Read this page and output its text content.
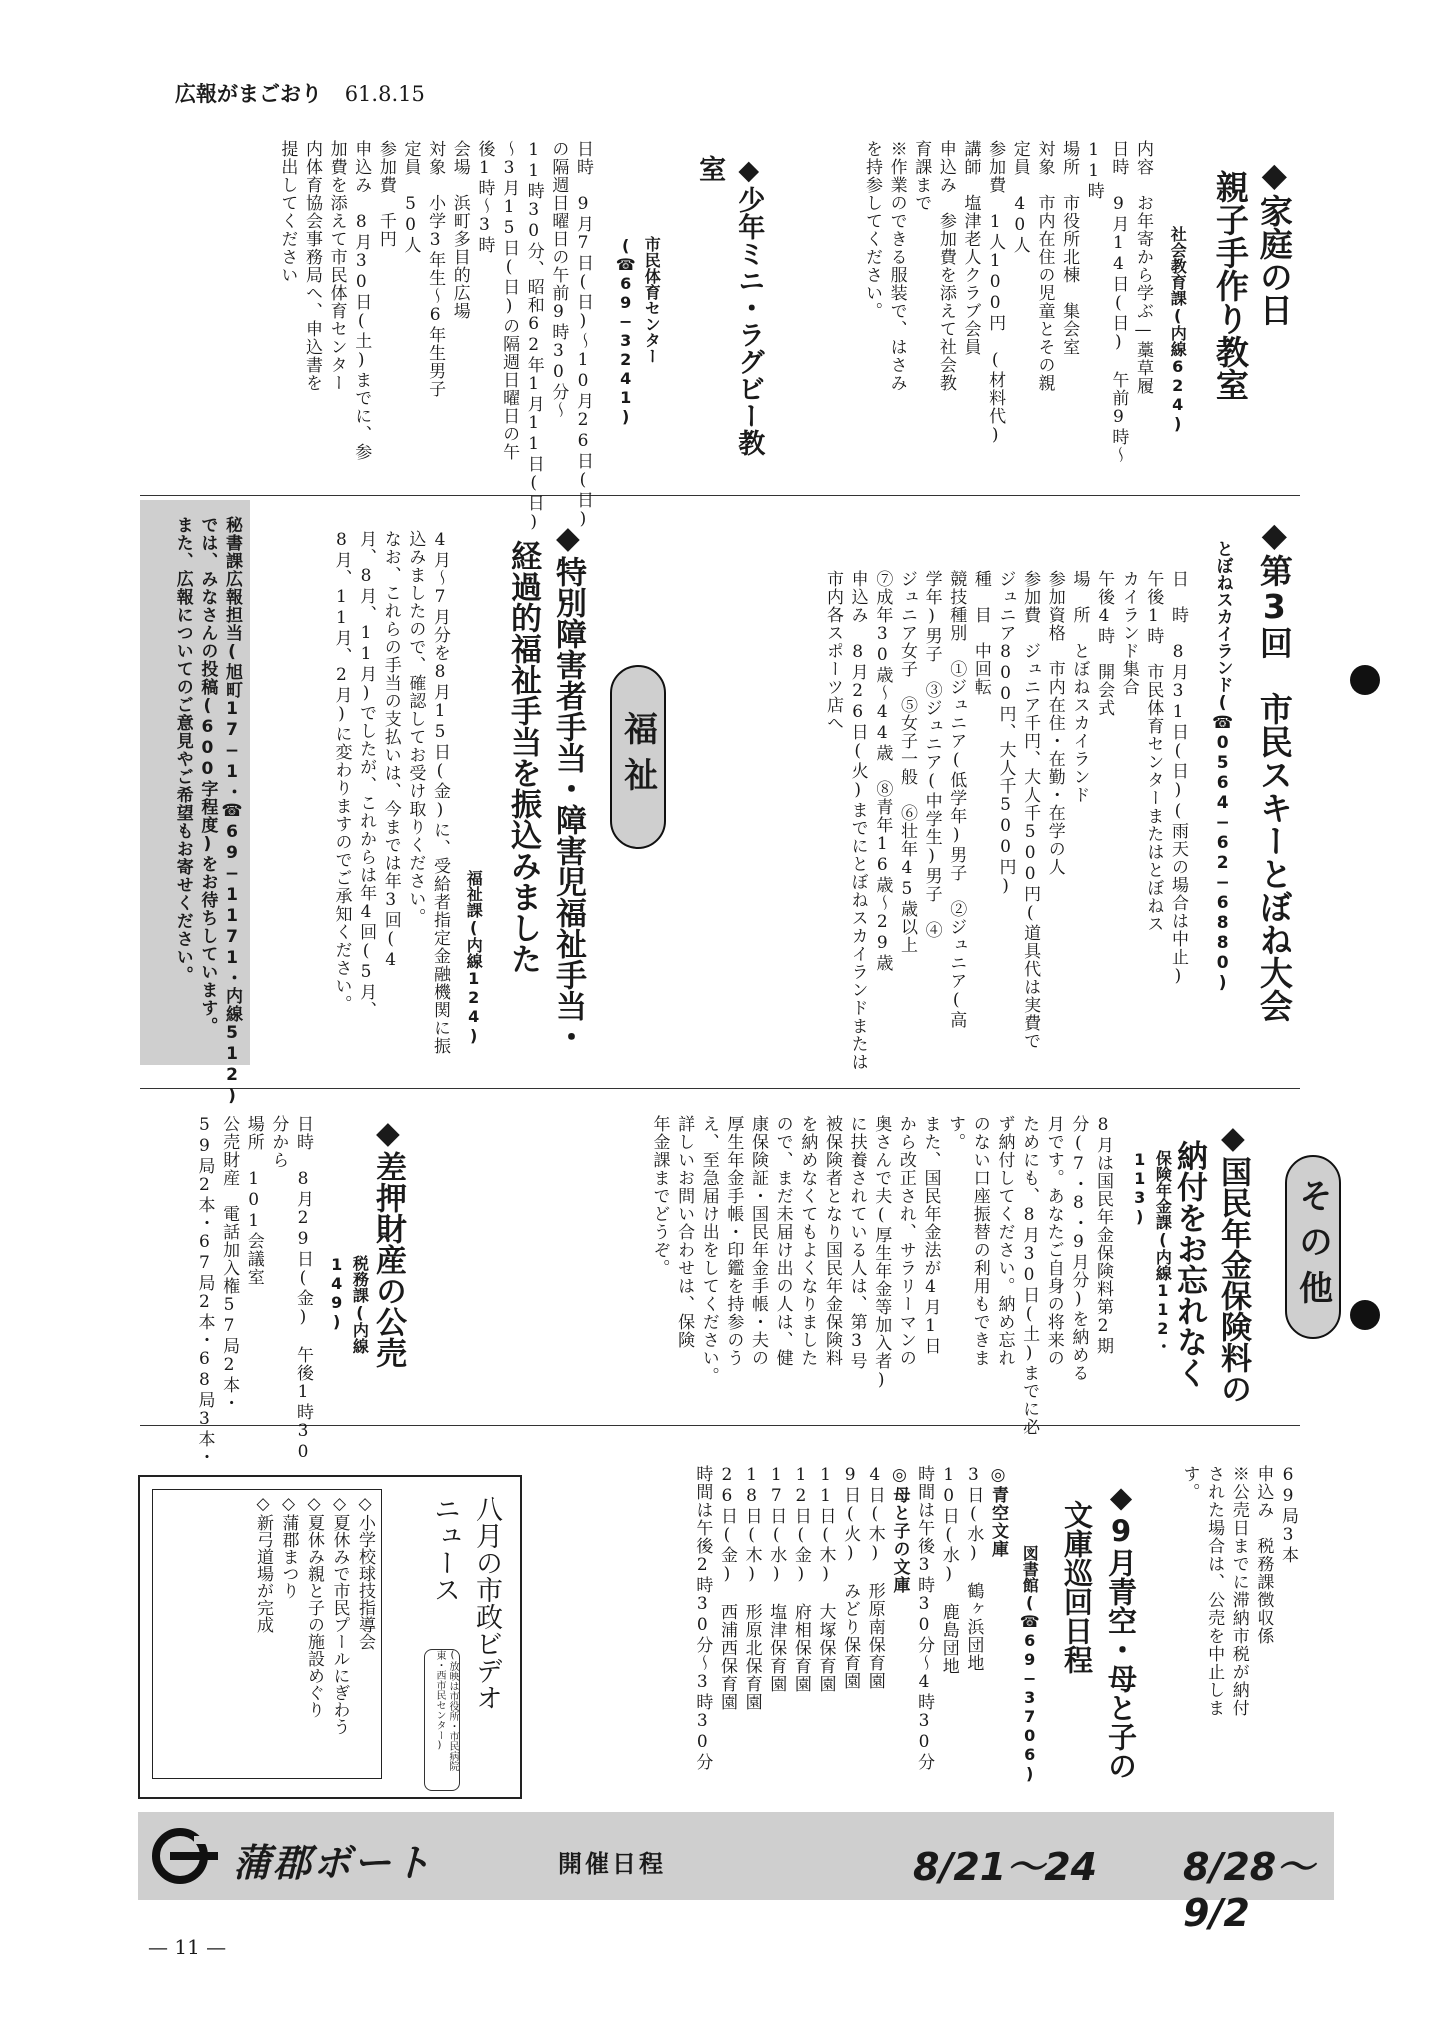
広報がまごおり 61.8.15
◆家庭の日
親子手作り教室
社会教育課(内線624)
内容　お年寄から学ぶ—藁草履
日時　9月14日(日)　午前9時〜
11時
場所　市役所北棟　集会室
対象　市内在住の児童とその親
定員　40人
参加費　1人100円　(材料代)
講師　塩津老人クラブ会員
申込み　参加費を添えて社会教
育課まで
※作業のできる服装で、はさみ
を持参してください。
◆少年ミニ・ラグビー教室
市民体育センター
(☎69−3241)
日時　9月7日(日)〜10月26日(日)
の隔週日曜日の午前9時30分〜
11時30分、昭和62年1月11日(日)
〜3月15日(日)の隔週日曜日の午
後1時〜3時
会場　浜町多目的広場
対象　小学3年生〜6年生男子
定員　50人
参加費　千円
申込み　8月30日(土)までに、参
加費を添えて市民体育センター
内体育協会事務局へ、申込書を
提出してください
◆第3回　市民スキーとぼね大会
とぼねスカイランド(☎0564−62−6880)
日　時　8月31日(日)(雨天の場合は中止)
午後1時　市民体育センターまたはとぼねス
カイランド集合
午後4時　開会式
場　所　とぼねスカイランド
参加資格　市内在住・在勤・在学の人
参加費　ジュニア千円、大人千500円(道具代は実費で
ジュニア800円、大人千500円)
種　目　中回転
競技種別　①ジュニア(低学年)男子　②ジュニア(高
学年)男子　③ジュニア(中学生)男子　④
ジュニア女子　⑤女子一般　⑥壮年45歳以上
⑦成年30歳〜44歳　⑧青年16歳〜29歳
申込み　8月26日(火)までにとぼねスカイランドまたは
市内各スポーツ店へ
福祉
◆特別障害者手当・障害児福祉手当・
経過的福祉手当を振込みました
福祉課(内線124)
4月〜7月分を8月15日(金)に、受給者指定金融機関に振
込みましたので、確認してお受け取りください。
なお、これらの手当の支払いは、今までは年3回(4
月、8月、11月)でしたが、これからは年4回(5月、
8月、11月、2月)に変わりますのでご承知ください。
秘書課広報担当(旭町17−1・☎69−1171・内線512)
では、みなさんの投稿(600字程度)をお待ちしています。
また、広報についてのご意見やご希望もお寄せください。
その他
◆国民年金保険料の
納付をお忘れなく
保険年金課(内線112・113)
8月は国民年金保険料第2期
分(7・8・9月分)を納める
月です。あなたご自身の将来の
ためにも、8月30日(土)までに必
ず納付してください。納め忘れ
のない口座振替の利用もできま
す。
また、国民年金法が4月1日
から改正され、サラリーマンの
奥さんで夫(厚生年金等加入者)
に扶養されている人は、第3号
被保険者となり国民年金保険料
を納めなくてもよくなりました
ので、まだ未届け出の人は、健
康保険証・国民年金手帳・夫の
厚生年金手帳・印鑑を持参のう
え、至急届け出をしてください。
詳しいお問い合わせは、保険
年金課までどうぞ。
◆差押財産の公売
税務課(内線149)
日時　8月29日(金)　午後1時30
分から
場所　101会議室
公売財産　電話加入権57局2本・
59局2本・67局2本・68局3本・
69局3本
申込み　税務課徴収係
※公売日までに滞納市税が納付
された場合は、公売を中止しま
す。
◆9月青空・母と子の
文庫巡回日程
図書館(☎69−3706)
◎青空文庫
3日(水)　鶴ヶ浜団地
10日(水)　鹿島団地
時間は午後3時30分〜4時30分
◎母と子の文庫
4日(木)　形原南保育園
9日(火)　みどり保育園
11日(木)　大塚保育園
12日(金)　府相保育園
17日(水)　塩津保育園
18日(木)　形原北保育園
26日(金)　西浦西保育園
時間は午後2時30分〜3時30分
八月の市政ビデオ
ニュース
(放映は市役所・市民病院 東・西市民センター)
◇小学校球技指導会
◇夏休みで市民プールにぎわう
◇夏休み親と子の施設めぐり
◇蒲郡まつり
◇新弓道場が完成
蒲郡ボート	開催日程	8/21〜24 8/28〜9/2
— 11 —
